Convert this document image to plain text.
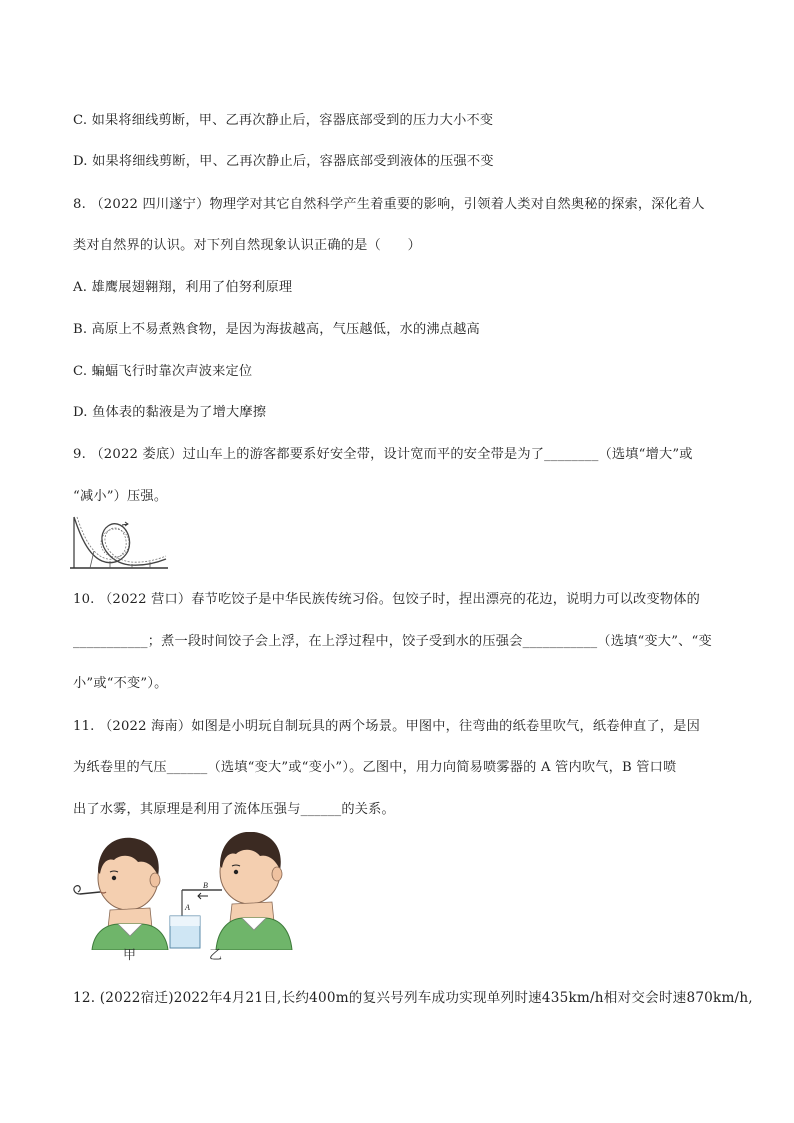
C. 如果将细线剪断，甲、乙再次静止后，容器底部受到的压力大小不变
D. 如果将细线剪断，甲、乙再次静止后，容器底部受到液体的压强不变
8. （2022 四川遂宁）物理学对其它自然科学产生着重要的影响，引领着人类对自然奥秘的探索，深化着人
类对自然界的认识。对下列自然现象认识正确的是（　　）
A. 雄鹰展翅翱翔，利用了伯努利原理
B. 高原上不易煮熟食物，是因为海拔越高，气压越低，水的沸点越高
C. 蝙蝠飞行时靠次声波来定位
D. 鱼体表的黏液是为了增大摩擦
9. （2022 娄底）过山车上的游客都要系好安全带，设计宽而平的安全带是为了________（选填“增大”或
“减小”）压强。
10. （2022 营口）春节吃饺子是中华民族传统习俗。包饺子时，捏出漂亮的花边，说明力可以改变物体的
___________；煮一段时间饺子会上浮，在上浮过程中，饺子受到水的压强会___________（选填“变大”、“变
小”或“不变”）。
11. （2022 海南）如图是小明玩自制玩具的两个场景。甲图中，往弯曲的纸卷里吹气，纸卷伸直了，是因
为纸卷里的气压______（选填“变大”或“变小”）。乙图中，用力向简易喷雾器的 A 管内吹气，B 管口喷
出了水雾，其原理是利用了流体压强与______的关系。
B
A
甲	乙
12. (2022宿迁)2022年4月21日,长约400m的复兴号列车成功实现单列时速435km/h相对交会时速870km/h,
